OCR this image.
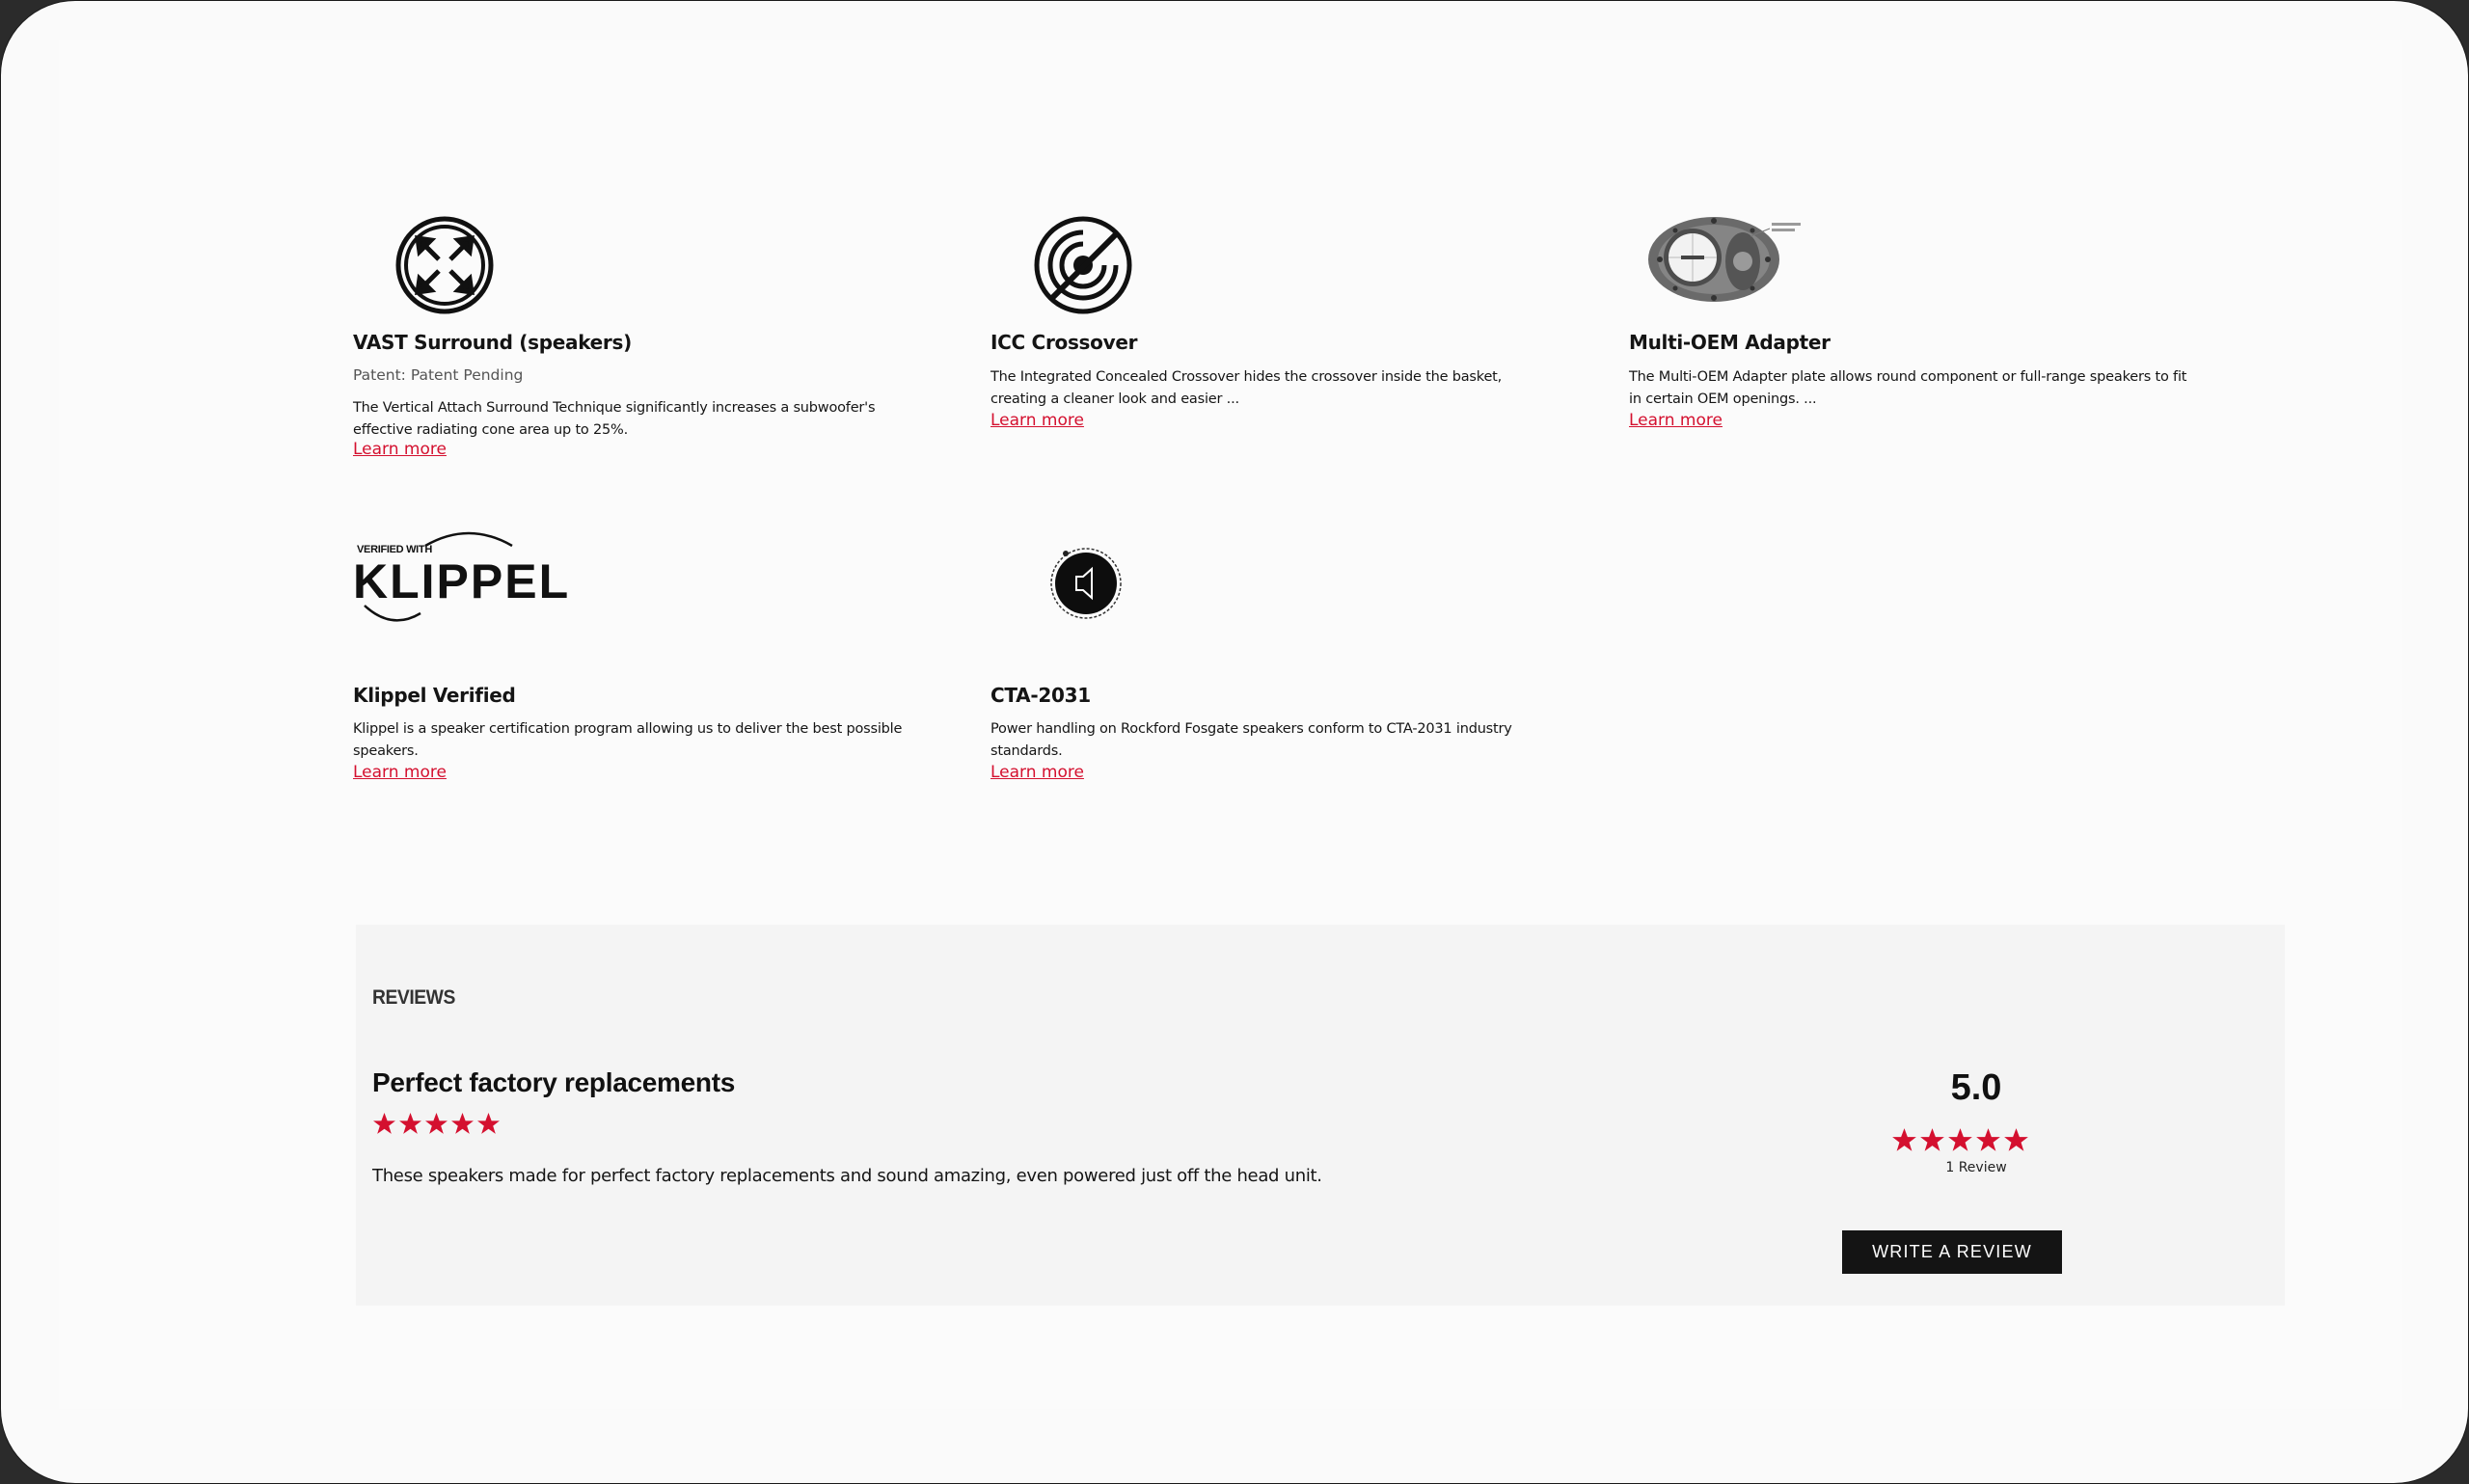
VAST Surround (speakers)
Patent: Patent Pending
The Vertical Attach Surround Technique significantly increases a subwoofer's
effective radiating cone area up to 25%.
Learn more
ICC Crossover
The Integrated Concealed Crossover hides the crossover inside the basket,
creating a cleaner look and easier ...
Learn more
Multi-OEM Adapter
The Multi-OEM Adapter plate allows round component or full-range speakers to fit
in certain OEM openings. ...
Learn more
VERIFIED WITH
KLIPPEL
Klippel Verified
Klippel is a speaker certification program allowing us to deliver the best possible
speakers.
Learn more
CTA-2031
Power handling on Rockford Fosgate speakers conform to CTA-2031 industry
standards.
Learn more
REVIEWS
Perfect factory replacements
These speakers made for perfect factory replacements and sound amazing, even powered just off the head unit.
5.0
1 Review
WRITE A REVIEW
